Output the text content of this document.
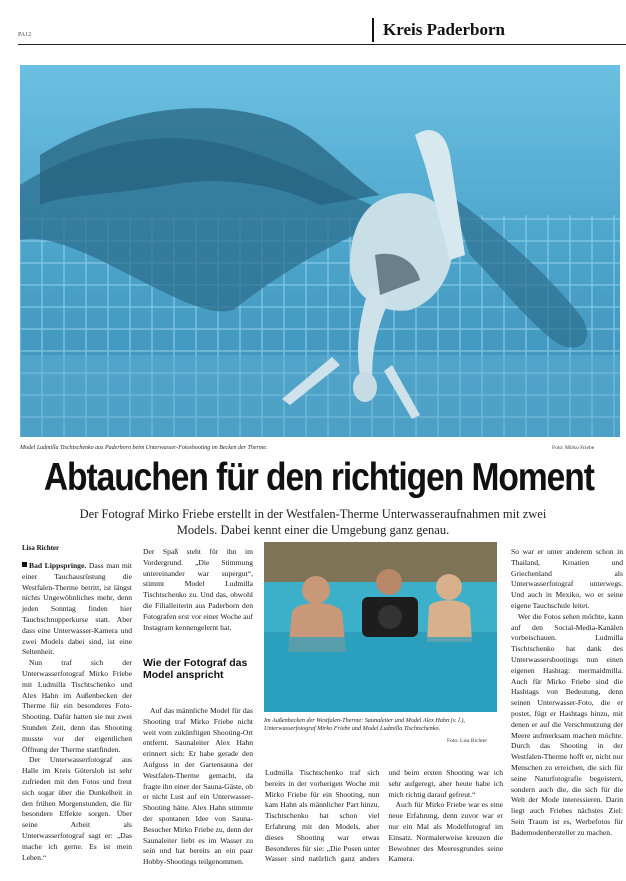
PA12	Kreis Paderborn
Model Ludmilla Tischtschenko aus Paderborn beim Unterwasser-Fotoshooting im Becken der Therme.	Foto: Mirko Friebe
Abtauchen für den richtigen Moment
Der Fotograf Mirko Friebe erstellt in der Westfalen-Therme Unterwasseraufnahmen mit zwei Models. Dabei kennt einer die Umgebung ganz genau.
Lisa Richter

Bad Lippspringe. Dass man mit einer Tauchausrüstung die Westfalen-Therme betritt, ist längst nichts Ungewöhnliches mehr, denn jeden Sonntag finden hier Tauchschnupperkurse statt. Aber dass eine Unterwasser-Kamera und zwei Models dabei sind, ist eine Seltenheit.

Nun traf sich der Unterwasserfotograf Mirko Friebe mit Ludmilla Tischtschenko und Alex Hahn im Außenbecken der Therme für ein besonderes Foto-Shooting. Dafür hatten sie nur zwei Stunden Zeit, denn das Shooting musste vor der eigentlichen Öffnung der Therme stattfinden.

Der Unterwasserfotograf aus Halle im Kreis Gütersloh ist sehr zufrieden mit den Fotos und freut sich sogar über die Dunkelheit in den frühen Morgenstunden, die für besondere Effekte sorgen. Über seine Arbeit als Unterwasserfotograf sagt er: „Das mache ich gerne. Es ist mein Leben.“

Der Spaß steht für ihn im Vordergrund. „Die Stimmung untereinander war supergut“, stimmt Model Ludmilla Tischtschenko zu. Und das, obwohl die Filialleiterin aus Paderborn den Fotografen erst vor einer Woche auf Instagram kennengelernt hat.

Wie der Fotograf das Model anspricht

Auf das männliche Model für das Shooting traf Mirko Friebe nicht weit vom zukünftigen Shooting-Ort entfernt. Saunaleiter Alex Hahn erinnert sich: Er habe gerade den Aufguss in der Gartensauna der Westfalen-Therme gemacht, da fragte ihn einer der Sauna-Gäste, ob er nicht Lust auf ein Unterwasser-Shooting hätte. Alex Hahn stimmte der spontanen Idee von Sauna-Besucher Mirko Friebe zu, denn der Saunaleiter liebt es im Wasser zu sein und hat bereits an ein paar Hobby-Shootings teilgenommen.

Im Außenbecken der Westfalen-Therme: Saunaleiter und Model Alex Hahn (v. l.), Unterwasserfotograf Mirko Friebe und Model Ludmilla Tischtschenko.
Foto: Lisa Richter

Ludmilla Tischtschenko traf sich bereits in der vorherigen Woche mit Mirko Friebe für ein Shooting, nun kam Hahn als männlicher Part hinzu. Tischtschenko hat schon viel Erfahrung mit den Models, aber dieses Shooting war etwas Besonderes für sie: „Die Posen unter Wasser sind natürlich ganz anders und beim ersten Shooting war ich sehr aufgeregt, aber heute habe ich mich richtig darauf gefreut.“

Auch für Mirko Friebe war es eine neue Erfahrung, denn zuvor war er nur ein Mal als Modelfotograf im Einsatz. Normalerweise kreuzen die Bewohner des Meeresgrundes seine Kamera.

So war er unter anderem schon in Thailand, Kroatien und Griechenland als Unterwasserfotograf unterwegs. Und auch in Mexiko, wo er seine eigene Tauchschule leitet.

Wer die Fotos sehen möchte, kann auf den Social-Media-Kanälen vorbeischauen. Ludmilla Tischtschenko hat dank des Unterwassershootings nun einen eigenen Hashtag: mermaidmilla. Auch für Mirko Friebe sind die Hashtags von Bedeutung, denn seinen Unterwasser-Foto, die er postet, fügt er Hashtags hinzu, mit denen er auf die Verschmutzung der Meere aufmerksam machen möchte. Durch das Shooting in der Westfalen-Therme hofft er, nicht nur Menschen zu erreichen, die sich für seine Naturfotografie begeistern, sondern auch die, die sich für die Welt der Mode interessieren. Darin liegt auch Friebes nächstes Ziel: Sein Traum ist es, Werbefotos für Bademodenhersteller zu machen.
